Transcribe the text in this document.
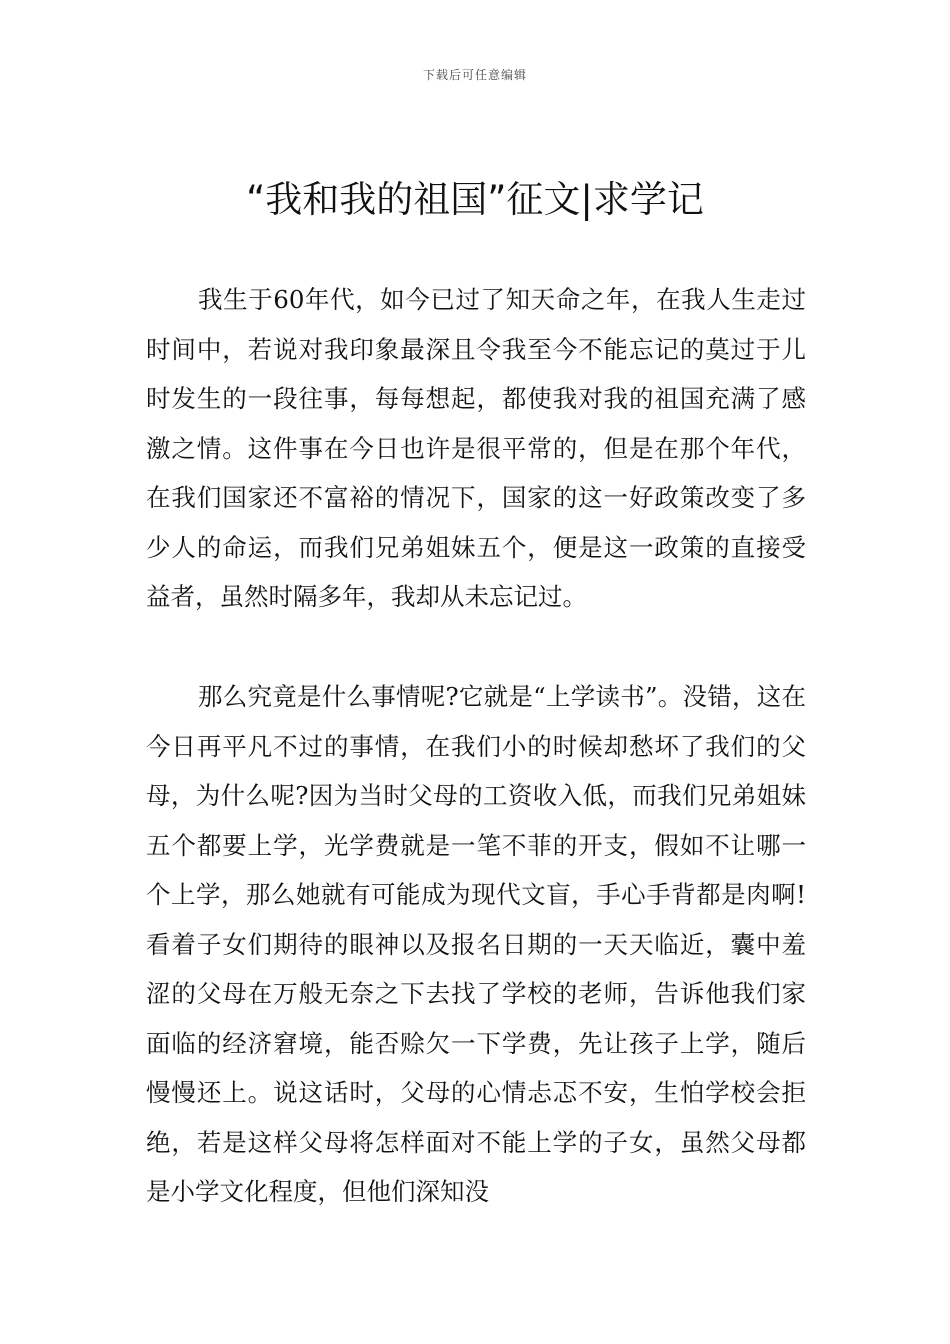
下载后可任意编辑
“我和我的祖国”征文|求学记

我生于60年代，如今已过了知天命之年，在我人生走过时间中，若说对我印象最深且令我至今不能忘记的莫过于儿时发生的一段往事，每每想起，都使我对我的祖国充满了感激之情。这件事在今日也许是很平常的，但是在那个年代，在我们国家还不富裕的情况下，国家的这一好政策改变了多少人的命运，而我们兄弟姐妹五个，便是这一政策的直接受益者，虽然时隔多年，我却从未忘记过。

那么究竟是什么事情呢?它就是“上学读书”。没错，这在今日再平凡不过的事情，在我们小的时候却愁坏了我们的父母，为什么呢?因为当时父母的工资收入低，而我们兄弟姐妹五个都要上学，光学费就是一笔不菲的开支，假如不让哪一个上学，那么她就有可能成为现代文盲，手心手背都是肉啊!看着子女们期待的眼神以及报名日期的一天天临近，囊中羞涩的父母在万般无奈之下去找了学校的老师，告诉他我们家面临的经济窘境，能否赊欠一下学费，先让孩子上学，随后慢慢还上。说这话时，父母的心情忐忑不安，生怕学校会拒绝，若是这样父母将怎样面对不能上学的子女，虽然父母都是小学文化程度，但他们深知没
